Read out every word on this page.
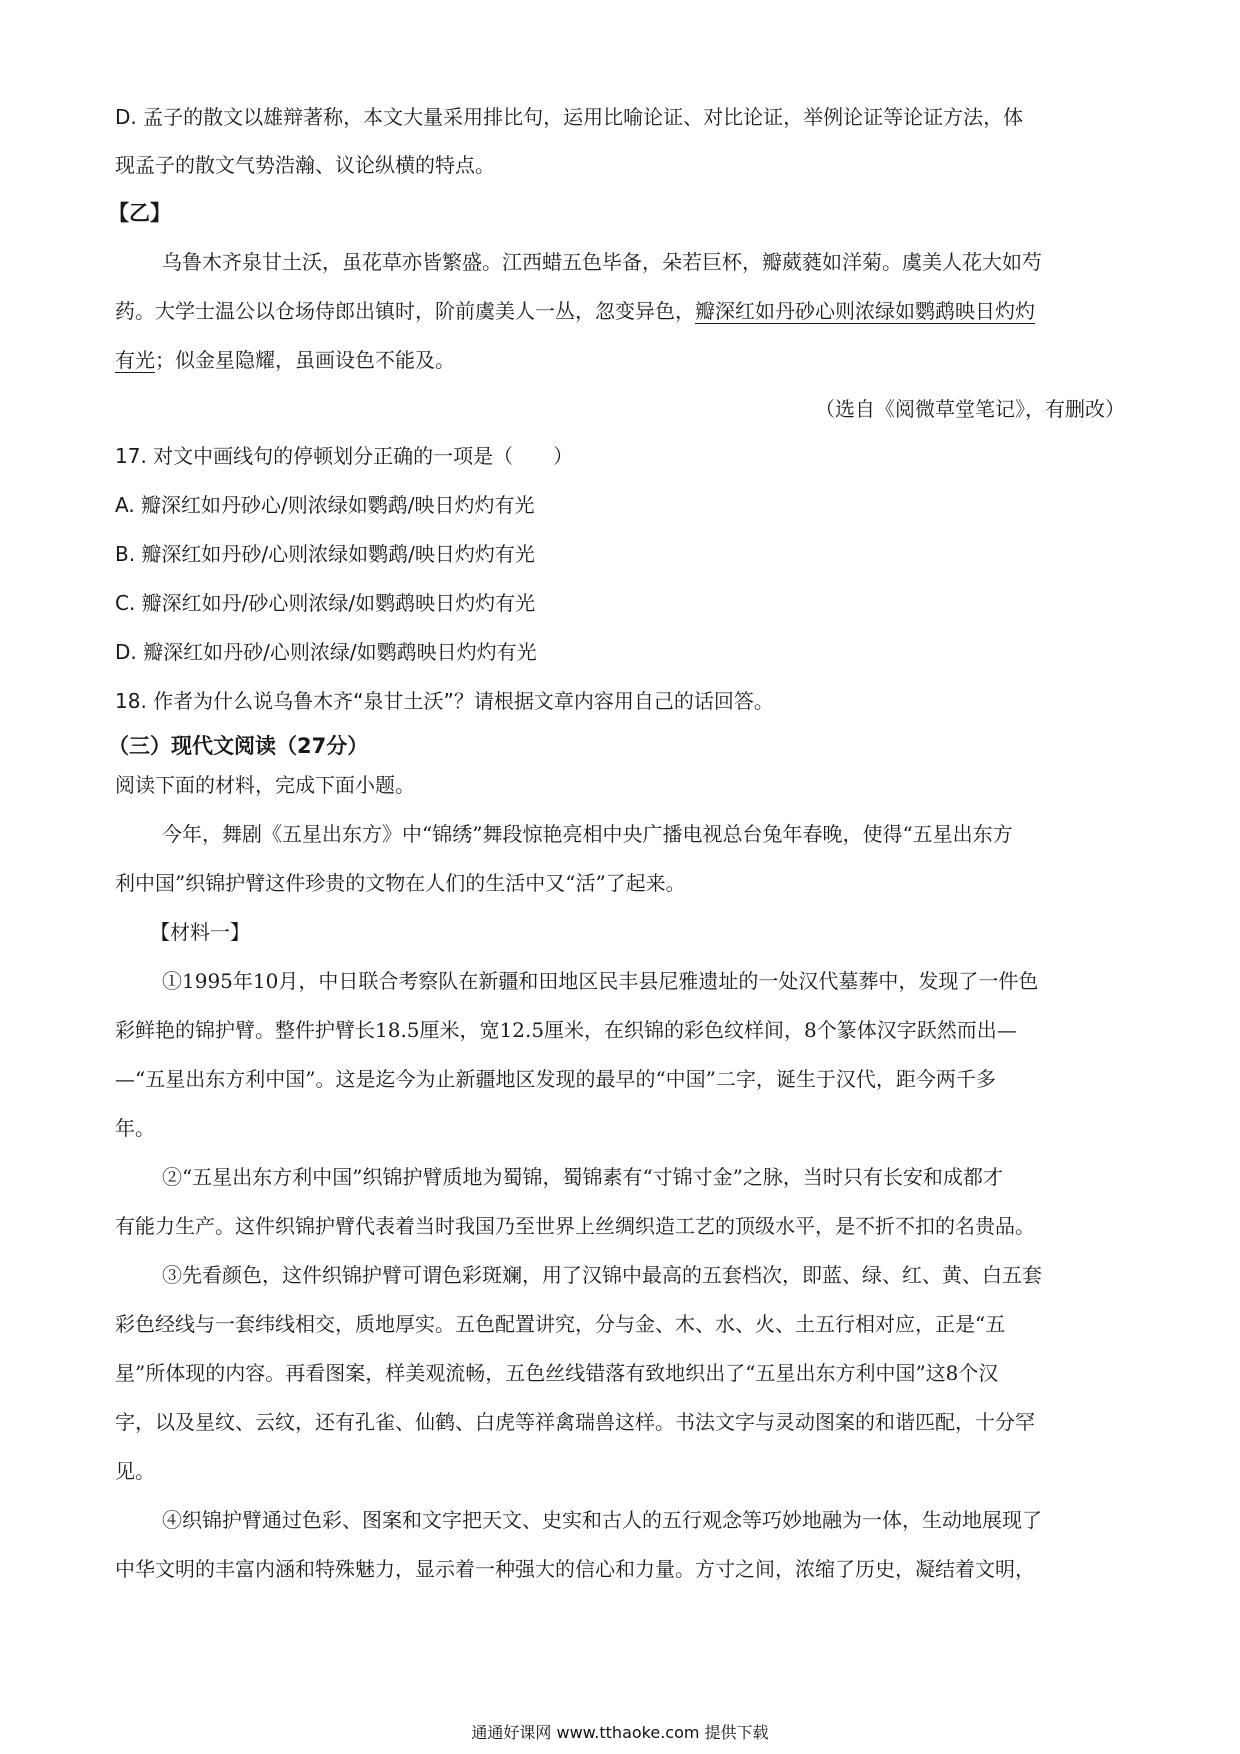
D. 孟子的散文以雄辩著称，本文大量采用排比句，运用比喻论证、对比论证，举例论证等论证方法，体
现孟子的散文气势浩瀚、议论纵横的特点。
【乙】
乌鲁木齐泉甘土沃，虽花草亦皆繁盛。江西蜡五色毕备，朵若巨杯，瓣葳蕤如洋菊。虞美人花大如芍
药。大学士温公以仓场侍郎出镇时，阶前虞美人一丛，忽变异色，瓣深红如丹砂心则浓绿如鹦鹉映日灼灼
有光；似金星隐耀，虽画设色不能及。
（选自《阅微草堂笔记》，有删改）
17. 对文中画线句的停顿划分正确的一项是（　　）
A. 瓣深红如丹砂心/则浓绿如鹦鹉/映日灼灼有光
B. 瓣深红如丹砂/心则浓绿如鹦鹉/映日灼灼有光
C. 瓣深红如丹/砂心则浓绿/如鹦鹉映日灼灼有光
D. 瓣深红如丹砂/心则浓绿/如鹦鹉映日灼灼有光
18. 作者为什么说乌鲁木齐“泉甘土沃”？请根据文章内容用自己的话回答。
（三）现代文阅读（27分）
阅读下面的材料，完成下面小题。
今年，舞剧《五星出东方》中“锦绣”舞段惊艳亮相中央广播电视总台兔年春晚，使得“五星出东方
利中国”织锦护臂这件珍贵的文物在人们的生活中又“活”了起来。
【材料一】
①1995年10月，中日联合考察队在新疆和田地区民丰县尼雅遗址的一处汉代墓葬中，发现了一件色
彩鲜艳的锦护臂。整件护臂长18.5厘米，宽12.5厘米，在织锦的彩色纹样间，8个篆体汉字跃然而出—
—“五星出东方利中国”。这是迄今为止新疆地区发现的最早的“中国”二字，诞生于汉代，距今两千多
年。
②“五星出东方利中国”织锦护臂质地为蜀锦，蜀锦素有“寸锦寸金”之脉，当时只有长安和成都才
有能力生产。这件织锦护臂代表着当时我国乃至世界上丝绸织造工艺的顶级水平，是不折不扣的名贵品。
③先看颜色，这件织锦护臂可谓色彩斑斓，用了汉锦中最高的五套档次，即蓝、绿、红、黄、白五套
彩色经线与一套纬线相交，质地厚实。五色配置讲究，分与金、木、水、火、土五行相对应，正是“五
星”所体现的内容。再看图案，样美观流畅，五色丝线错落有致地织出了“五星出东方利中国”这8个汉
字，以及星纹、云纹，还有孔雀、仙鹤、白虎等祥禽瑞兽这样。书法文字与灵动图案的和谐匹配，十分罕
见。
④织锦护臂通过色彩、图案和文字把天文、史实和古人的五行观念等巧妙地融为一体，生动地展现了
中华文明的丰富内涵和特殊魅力，显示着一种强大的信心和力量。方寸之间，浓缩了历史，凝结着文明，
通通好课网 www.tthaoke.com 提供下载
